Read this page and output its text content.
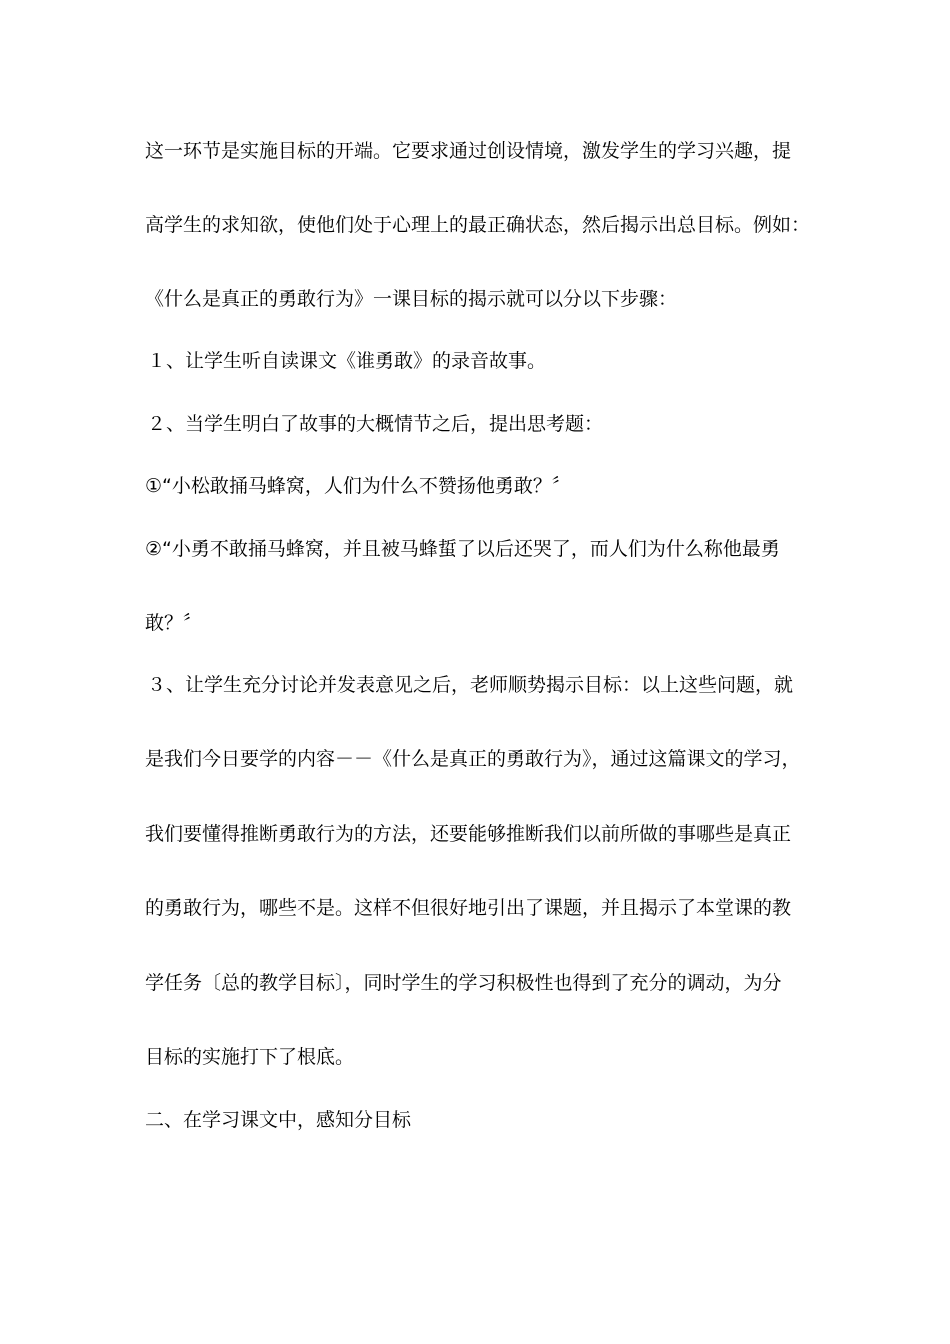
这一环节是实施目标的开端。它要求通过创设情境，激发学生的学习兴趣，提
高学生的求知欲，使他们处于心理上的最正确状态，然后揭示出总目标。例如：
《什么是真正的勇敢行为》一课目标的揭示就可以分以下步骤：
１、让学生听自读课文《谁勇敢》的录音故事。
２、当学生明白了故事的大概情节之后，提出思考题：
①“小松敢捅马蜂窝，人们为什么不赞扬他勇敢？〞
②“小勇不敢捅马蜂窝，并且被马蜂蜇了以后还哭了，而人们为什么称他最勇
敢？〞
３、让学生充分讨论并发表意见之后，老师顺势揭示目标：以上这些问题，就
是我们今日要学的内容－－《什么是真正的勇敢行为》，通过这篇课文的学习，
我们要懂得推断勇敢行为的方法，还要能够推断我们以前所做的事哪些是真正
的勇敢行为，哪些不是。这样不但很好地引出了课题，并且揭示了本堂课的教
学任务〔总的教学目标〕，同时学生的学习积极性也得到了充分的调动，为分
目标的实施打下了根底。
二、在学习课文中，感知分目标
